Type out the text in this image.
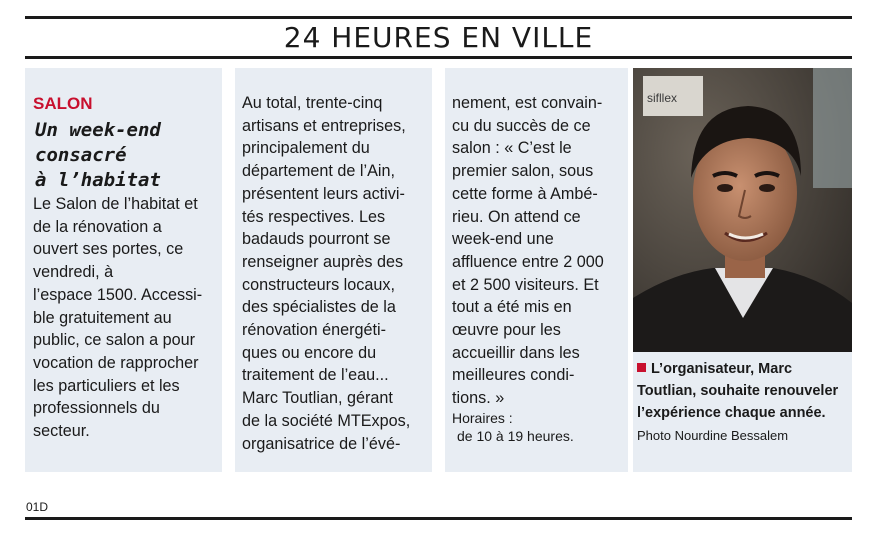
24 HEURES EN VILLE
SALON
Un week-end
consacré
à l’habitat
Le Salon de l’habitat et
de la rénovation a
ouvert ses portes, ce
vendredi, à
l’espace 1500. Accessi-
ble gratuitement au
public, ce salon a pour
vocation de rapprocher
les particuliers et les
professionnels du
secteur.
Au total, trente-cinq
artisans et entreprises,
principalement du
département de l’Ain,
présentent leurs activi-
tés respectives. Les
badauds pourront se
renseigner auprès des
constructeurs locaux,
des spécialistes de la
rénovation énergéti-
ques ou encore du
traitement de l’eau...
Marc Toutlian, gérant
de la société MTExpos,
organisatrice de l’évé-
nement, est convain-
cu du succès de ce
salon : « C’est le
premier salon, sous
cette forme à Ambé-
rieu. On attend ce
week-end une
affluence entre 2 000
et 2 500 visiteurs. Et
tout a été mis en
œuvre pour les
accueillir dans les
meilleures condi-
tions. »
Horaires :
de 10 à 19 heures.
sifllex
L’organisateur, Marc
Toutlian, souhaite renouveler
l’expérience chaque année.
Photo Nourdine Bessalem
01D
